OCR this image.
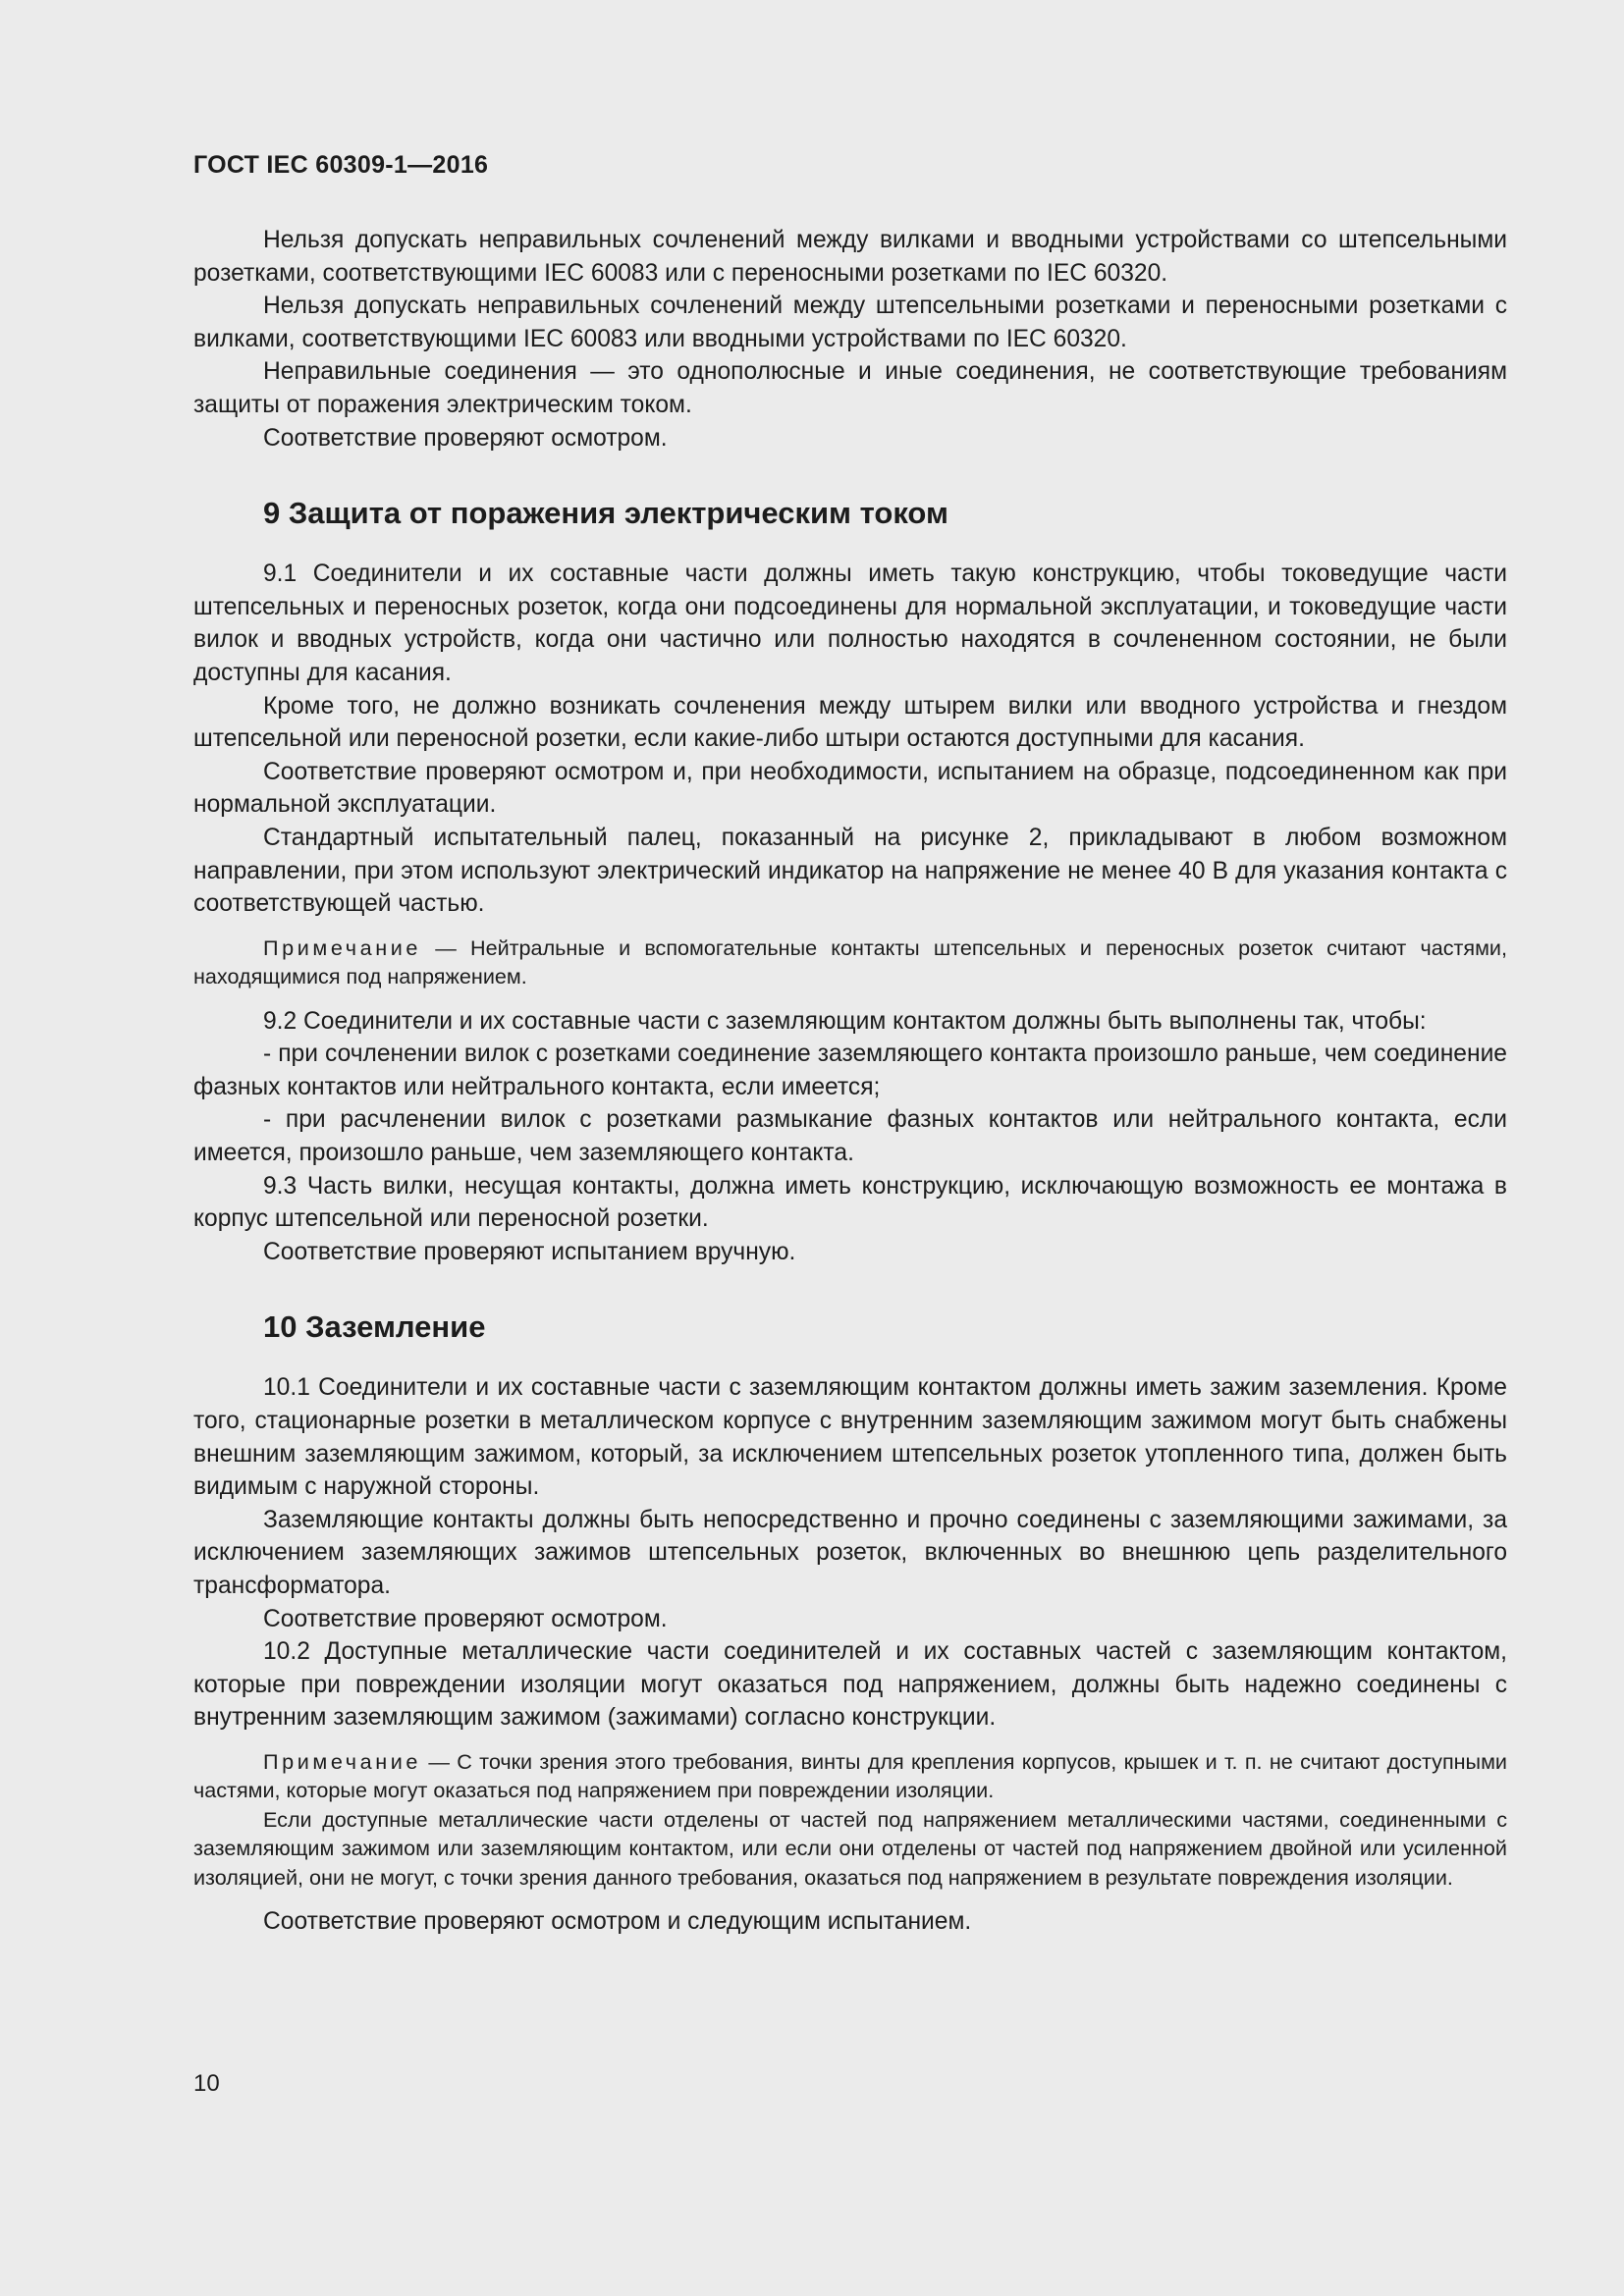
ГОСТ IEC 60309-1—2016

Нельзя допускать неправильных сочленений между вилками и вводными устройствами со штепсельными розетками, соответствующими IEC 60083 или с переносными розетками по IEC 60320.

Нельзя допускать неправильных сочленений между штепсельными розетками и переносными розетками с вилками, соответствующими IEC 60083 или вводными устройствами по IEC 60320.

Неправильные соединения — это однополюсные и иные соединения, не соответствующие требованиям защиты от поражения электрическим током.

Соответствие проверяют осмотром.

9 Защита от поражения электрическим током

9.1 Соединители и их составные части должны иметь такую конструкцию, чтобы токоведущие части штепсельных и переносных розеток, когда они подсоединены для нормальной эксплуатации, и токоведущие части вилок и вводных устройств, когда они частично или полностью находятся в сочлененном состоянии, не были доступны для касания.

Кроме того, не должно возникать сочленения между штырем вилки или вводного устройства и гнездом штепсельной или переносной розетки, если какие-либо штыри остаются доступными для касания.

Соответствие проверяют осмотром и, при необходимости, испытанием на образце, подсоединенном как при нормальной эксплуатации.

Стандартный испытательный палец, показанный на рисунке 2, прикладывают в любом возможном направлении, при этом используют электрический индикатор на напряжение не менее 40 В для указания контакта с соответствующей частью.

Примечание — Нейтральные и вспомогательные контакты штепсельных и переносных розеток считают частями, находящимися под напряжением.

9.2 Соединители и их составные части с заземляющим контактом должны быть выполнены так, чтобы:

- при сочленении вилок с розетками соединение заземляющего контакта произошло раньше, чем соединение фазных контактов или нейтрального контакта, если имеется;

- при расчленении вилок с розетками размыкание фазных контактов или нейтрального контакта, если имеется, произошло раньше, чем заземляющего контакта.

9.3 Часть вилки, несущая контакты, должна иметь конструкцию, исключающую возможность ее монтажа в корпус штепсельной или переносной розетки.

Соответствие проверяют испытанием вручную.

10 Заземление

10.1 Соединители и их составные части с заземляющим контактом должны иметь зажим заземления. Кроме того, стационарные розетки в металлическом корпусе с внутренним заземляющим зажимом могут быть снабжены внешним заземляющим зажимом, который, за исключением штепсельных розеток утопленного типа, должен быть видимым с наружной стороны.

Заземляющие контакты должны быть непосредственно и прочно соединены с заземляющими зажимами, за исключением заземляющих зажимов штепсельных розеток, включенных во внешнюю цепь разделительного трансформатора.

Соответствие проверяют осмотром.

10.2 Доступные металлические части соединителей и их составных частей с заземляющим контактом, которые при повреждении изоляции могут оказаться под напряжением, должны быть надежно соединены с внутренним заземляющим зажимом (зажимами) согласно конструкции.

Примечание — С точки зрения этого требования, винты для крепления корпусов, крышек и т. п. не считают доступными частями, которые могут оказаться под напряжением при повреждении изоляции.

Если доступные металлические части отделены от частей под напряжением металлическими частями, соединенными с заземляющим зажимом или заземляющим контактом, или если они отделены от частей под напряжением двойной или усиленной изоляцией, они не могут, с точки зрения данного требования, оказаться под напряжением в результате повреждения изоляции.

Соответствие проверяют осмотром и следующим испытанием.

10
